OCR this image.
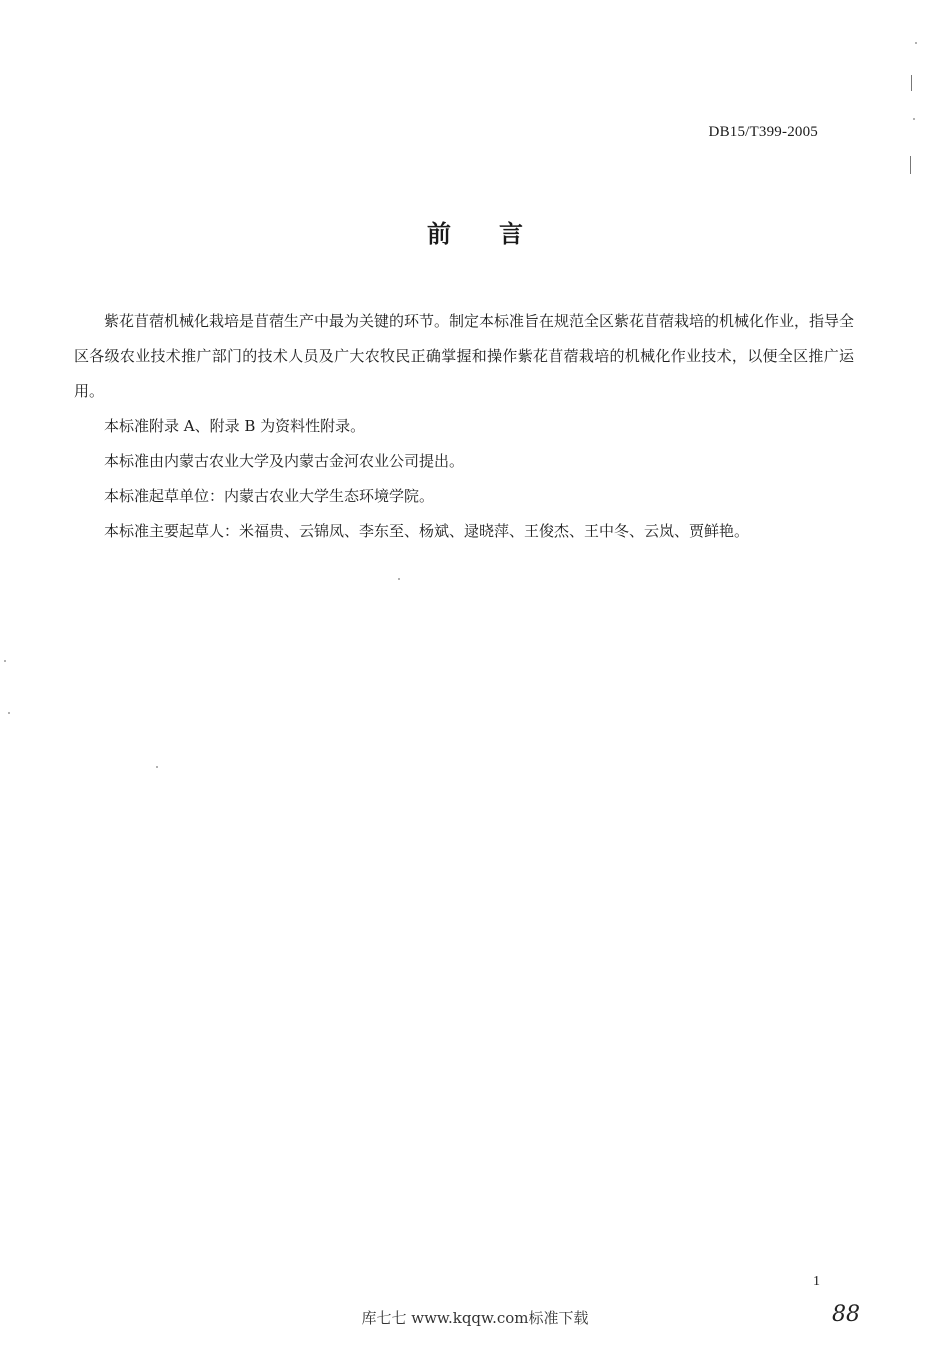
DB15/T399-2005
前言

紫花苜蓿机械化栽培是苜蓿生产中最为关键的环节。制定本标准旨在规范全区紫花苜蓿栽培的机械化作业，指导全区各级农业技术推广部门的技术人员及广大农牧民正确掌握和操作紫花苜蓿栽培的机械化作业技术，以便全区推广运用。

本标准附录 A、附录 B 为资料性附录。

本标准由内蒙古农业大学及内蒙古金河农业公司提出。

本标准起草单位：内蒙古农业大学生态环境学院。

本标准主要起草人：米福贵、云锦凤、李东至、杨斌、逯晓萍、王俊杰、王中冬、云岚、贾鲜艳。

1
库七七 www.kqqw.com标准下载	88
